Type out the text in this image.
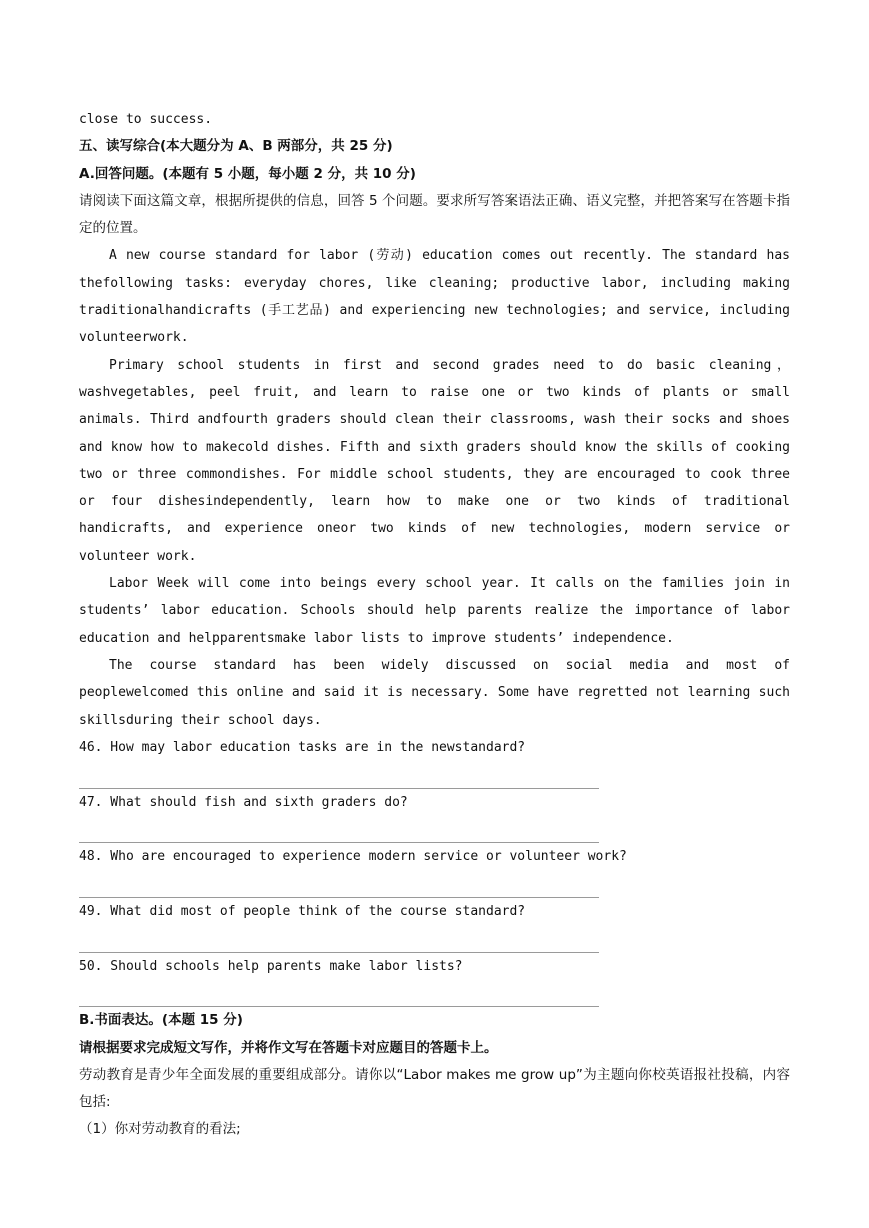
close to success.
五、读写综合(本大题分为 A、B 两部分，共 25 分)
A.回答问题。(本题有 5 小题，每小题 2 分，共 10 分)

请阅读下面这篇文章，根据所提供的信息，回答 5 个问题。要求所写答案语法正确、语义完整，并把答案写在答题卡指定的位置。

A new course standard for labor (劳动) education comes out recently. The standard has thefollowing tasks: everyday chores, like cleaning; productive labor, including making traditionalhandicrafts (手工艺品) and experiencing new technologies; and service, including volunteerwork.

Primary school students in first and second grades need to do basic cleaning，washvegetables, peel fruit, and learn to raise one or two kinds of plants or small animals. Third andfourth graders should clean their classrooms, wash their socks and shoes and know how to makecold dishes. Fifth and sixth graders should know the skills of cooking two or three commondishes. For middle school students, they are encouraged to cook three or four dishesindependently, learn how to make one or two kinds of traditional handicrafts, and experience oneor two kinds of new technologies, modern service or volunteer work.

Labor Week will come into beings every school year. It calls on the families join in students’ labor education. Schools should help parents realize the importance of labor education and helpparentsmake labor lists to improve students’ independence.

The course standard has been widely discussed on social media and most of peoplewelcomed this online and said it is necessary. Some have regretted not learning such skillsduring their school days.

46. How may labor education tasks are in the newstandard?
47. What should fish and sixth graders do?
48. Who are encouraged to experience modern service or volunteer work?
49. What did most of people think of the course standard?
50. Should schools help parents make labor lists?
B.书面表达。(本题 15 分)
请根据要求完成短文写作，并将作文写在答题卡对应题目的答题卡上。

劳动教育是青少年全面发展的重要组成部分。请你以“Labor makes me grow up”为主题向你校英语报社投稿，内容包括:

（1）你对劳动教育的看法;
